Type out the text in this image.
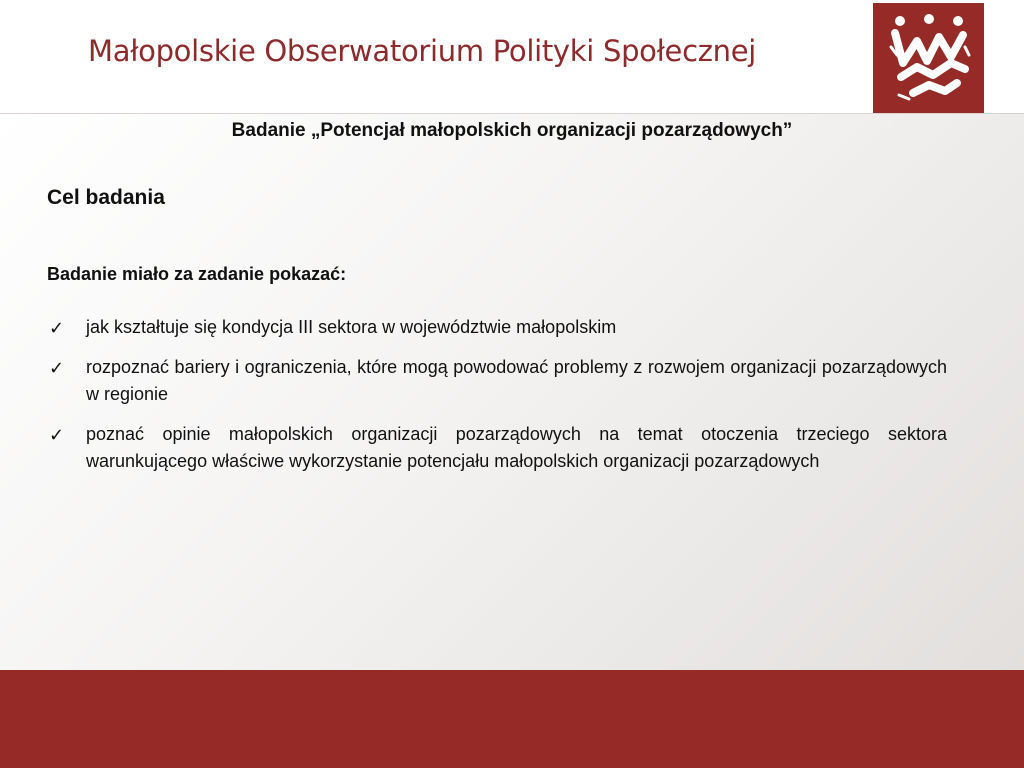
Małopolskie Obserwatorium Polityki Społecznej
Badanie „Potencjał małopolskich organizacji pozarządowych”
Cel badania
Badanie miało za zadanie pokazać:
✓ jak kształtuje się kondycja III sektora w województwie małopolskim
✓ rozpoznać bariery i ograniczenia, które mogą powodować problemy z rozwojem organizacji pozarządowych w regionie
✓ poznać opinie małopolskich organizacji pozarządowych na temat otoczenia trzeciego sektora warunkującego właściwe wykorzystanie potencjału małopolskich organizacji pozarządowych
